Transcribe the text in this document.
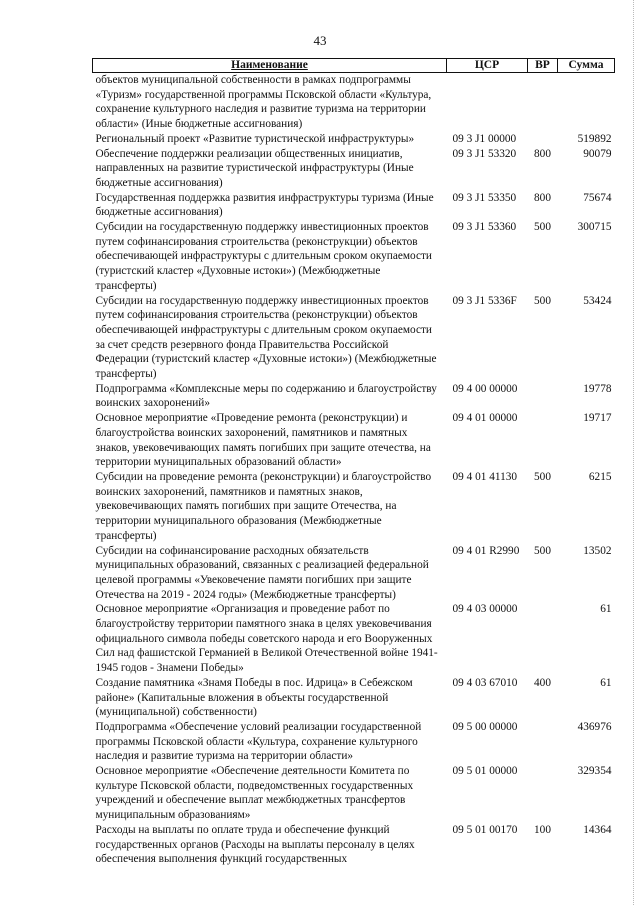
43
Наименование	ЦСР	ВР	Сумма
объектов муниципальной собственности в рамках подпрограммы «Туризм» государственной программы Псковской области «Культура, сохранение культурного наследия и развитие туризма на территории области» (Иные бюджетные ассигнования)			
Региональный проект «Развитие туристической инфраструктуры»	09 3 J1 00000		519892
Обеспечение поддержки реализации общественных инициатив, направленных на развитие туристической инфраструктуры (Иные бюджетные ассигнования)	09 3 J1 53320	800	90079
Государственная поддержка развития инфраструктуры туризма (Иные бюджетные ассигнования)	09 3 J1 53350	800	75674
Субсидии на государственную поддержку инвестиционных проектов путем софинансирования строительства (реконструкции) объектов обеспечивающей инфраструктуры с длительным сроком окупаемости (туристский кластер «Духовные истоки») (Межбюджетные трансферты)	09 3 J1 53360	500	300715
Субсидии на государственную поддержку инвестиционных проектов путем софинансирования строительства (реконструкции) объектов обеспечивающей инфраструктуры с длительным сроком окупаемости за счет средств резервного фонда Правительства Российской Федерации (туристский кластер «Духовные истоки») (Межбюджетные трансферты)	09 3 J1 5336F	500	53424
Подпрограмма «Комплексные меры по содержанию и благоустройству воинских захоронений»	09 4 00 00000		19778
Основное мероприятие «Проведение ремонта (реконструкции) и благоустройства воинских захоронений, памятников и памятных знаков, увековечивающих память погибших при защите отечества, на территории муниципальных образований области»	09 4 01 00000		19717
Субсидии на проведение ремонта (реконструкции) и благоустройство воинских захоронений, памятников и памятных знаков, увековечивающих память погибших при защите Отечества, на территории муниципального образования (Межбюджетные трансферты)	09 4 01 41130	500	6215
Субсидии на софинансирование расходных обязательств муниципальных образований, связанных с реализацией федеральной целевой программы «Увековечение памяти погибших при защите Отечества на 2019 - 2024 годы» (Межбюджетные трансферты)	09 4 01 R2990	500	13502
Основное мероприятие «Организация и проведение работ по благоустройству территории памятного знака в целях увековечивания официального символа победы советского народа и его Вооруженных Сил над фашистской Германией в Великой Отечественной войне 1941-1945 годов - Знамени Победы»	09 4 03 00000		61
Создание памятника «Знамя Победы в пос. Идрица» в Себежском районе» (Капитальные вложения в объекты государственной (муниципальной) собственности)	09 4 03 67010	400	61
Подпрограмма «Обеспечение условий реализации государственной программы Псковской области «Культура, сохранение культурного наследия и развитие туризма на территории области»	09 5 00 00000		436976
Основное мероприятие «Обеспечение деятельности Комитета по культуре Псковской области, подведомственных государственных учреждений и обеспечение выплат межбюджетных трансфертов муниципальным образованиям»	09 5 01 00000		329354
Расходы на выплаты по оплате труда и обеспечение функций государственных органов (Расходы на выплаты персоналу в целях обеспечения выполнения функций государственных	09 5 01 00170	100	14364
